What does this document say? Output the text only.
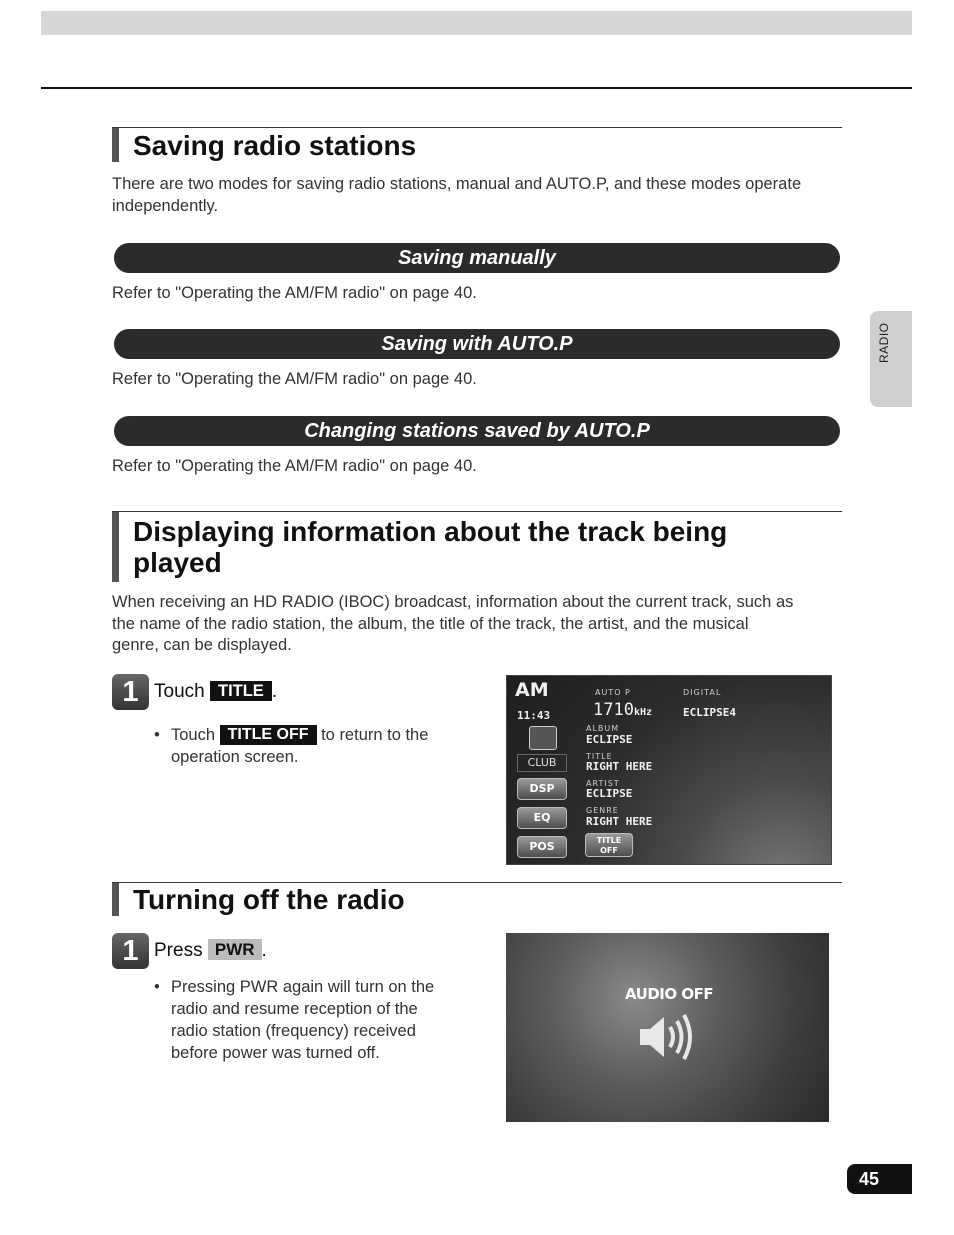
RADIO
Saving radio stations

There are two modes for saving radio stations, manual and AUTO.P, and these modes operate independently.

Saving manually

Refer to "Operating the AM/FM radio" on page 40.

Saving with AUTO.P

Refer to "Operating the AM/FM radio" on page 40.

Changing stations saved by AUTO.P

Refer to "Operating the AM/FM radio" on page 40.

Displaying information about the track being
played
When receiving an HD RADIO (IBOC) broadcast, information about the current track, such as
the name of the radio station, the album, the title of the track, the artist, and the musical
genre, can be displayed.
1 Touch TITLE .
• Touch TITLE OFF to return to the
operation screen.
AM
11:43
AUTO P
1710kHz
DIGITAL
ECLIPSE4
ALBUM
ECLIPSE
TITLE
RIGHT HERE
ARTIST
ECLIPSE
GENRE
RIGHT HERE
CLUB
DSP
EQ
POS	TITLE
OFF
Turning off the radio
1 Press PWR .
• Pressing PWR again will turn on the
radio and resume reception of the
radio station (frequency) received
before power was turned off.
AUDIO OFF
45
